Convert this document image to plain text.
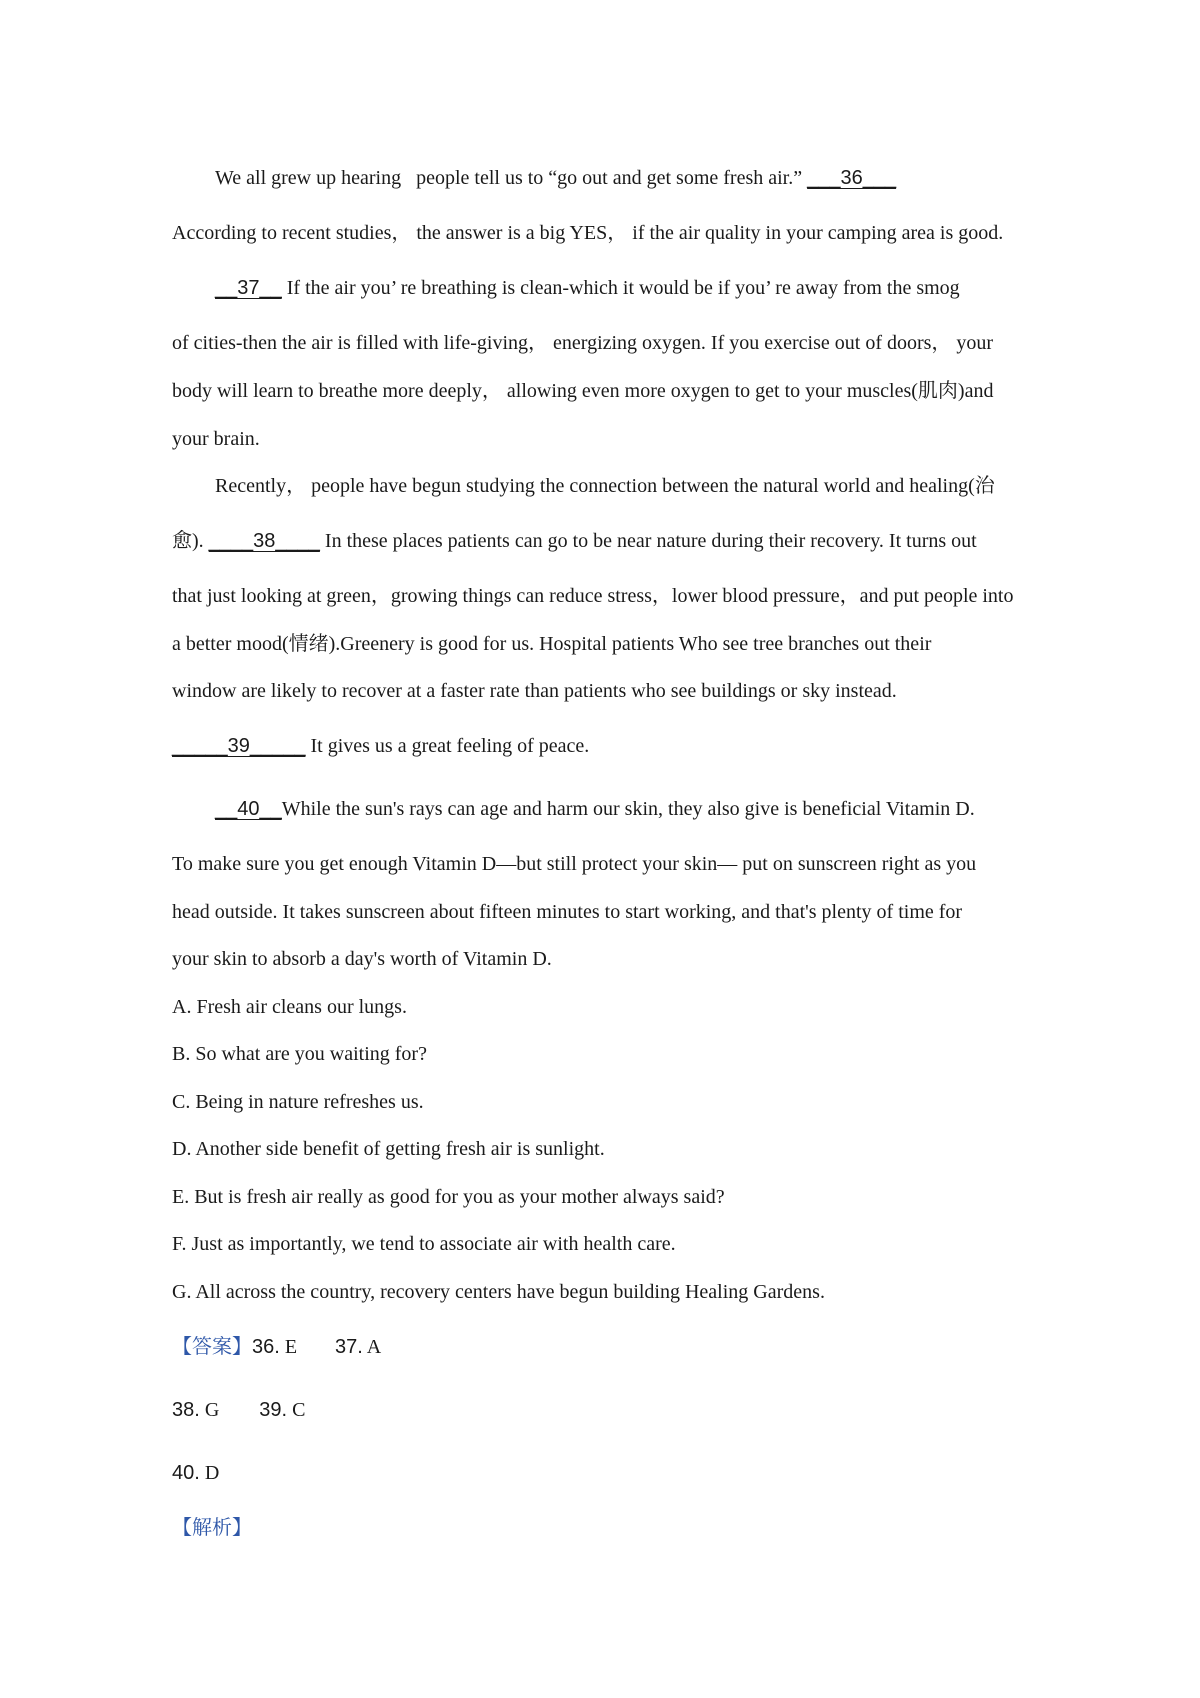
We all grew up hearing   people tell us to “go out and get some fresh air.” ___36___
According to recent studies， the answer is a big YES， if the air quality in your camping area is good.
__37__ If the air you’ re breathing is clean-which it would be if you’ re away from the smog
of cities-then the air is filled with life-giving， energizing oxygen. If you exercise out of doors， your
body will learn to breathe more deeply， allowing even more oxygen to get to your muscles(肌肉)and
your brain.
Recently， people have begun studying the connection between the natural world and healing(治
愈). ____38____ In these places patients can go to be near nature during their recovery. It turns out
that just looking at green，growing things can reduce stress，lower blood pressure，and put people into
a better mood(情绪).Greenery is good for us. Hospital patients Who see tree branches out their
window are likely to recover at a faster rate than patients who see buildings or sky instead.
_____39_____ It gives us a great feeling of peace.
__40__While the sun's rays can age and harm our skin, they also give is beneficial Vitamin D.
To make sure you get enough Vitamin D—but still protect your skin— put on sunscreen right as you
head outside. It takes sunscreen about fifteen minutes to start working, and that's plenty of time for
your skin to absorb a day's worth of Vitamin D.
A. Fresh air cleans our lungs.
B. So what are you waiting for?
C. Being in nature refreshes us.
D. Another side benefit of getting fresh air is sunlight.
E. But is fresh air really as good for you as your mother always said?
F. Just as importantly, we tend to associate air with health care.
G. All across the country, recovery centers have begun building Healing Gardens.
【答案】36. E 37. A
38. G 39. C
40. D
【解析】
